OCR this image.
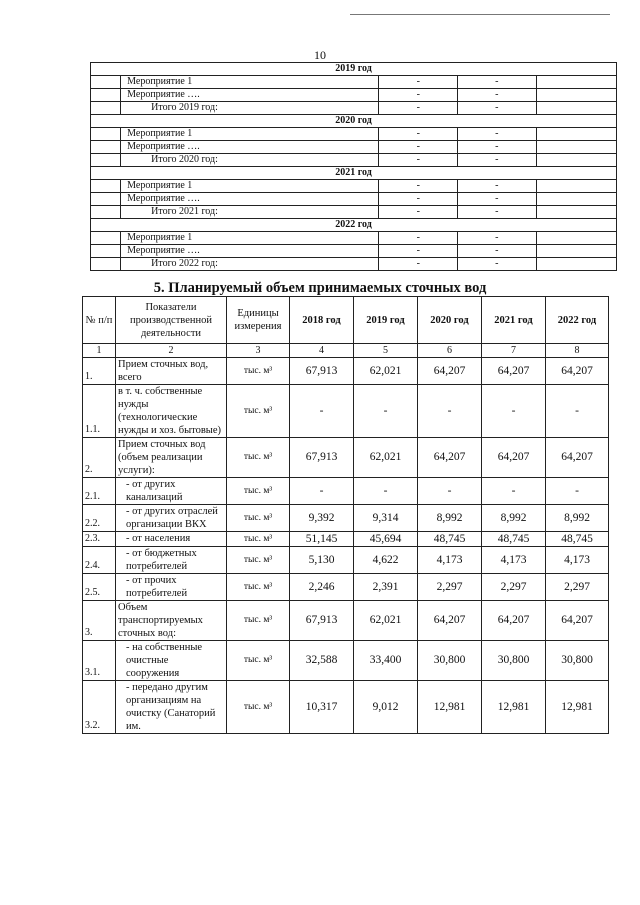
10
2019 год				
	Мероприятие 1	-	-	
	Мероприятие ….	-	-	
	Итого 2019 год:	-	-	
2020 год				
	Мероприятие 1	-	-	
	Мероприятие ….	-	-	
	Итого 2020 год:	-	-	
2021 год				
	Мероприятие 1	-	-	
	Мероприятие ….	-	-	
	Итого 2021 год:	-	-	
2022 год				
	Мероприятие 1	-	-	
	Мероприятие ….	-	-	
	Итого 2022 год:	-	-	
5. Планируемый объем принимаемых сточных вод
№ п/п	Показатели производственной деятельности	Единицы измерения	2018 год	2019 год	2020 год	2021 год	2022 год
1	2	3	4	5	6	7	8
1.	Прием сточных вод, всего	тыс. м³	67,913	62,021	64,207	64,207	64,207
1.1.	в т. ч. собственные нужды (технологические нужды и хоз. бытовые)	тыс. м³	-	-	-	-	-
2.	Прием сточных вод (объем реализации услуги):	тыс. м³	67,913	62,021	64,207	64,207	64,207
2.1.	- от других канализаций	тыс. м³	-	-	-	-	-
2.2.	- от других отраслей организации ВКХ	тыс. м³	9,392	9,314	8,992	8,992	8,992
2.3.	- от населения	тыс. м³	51,145	45,694	48,745	48,745	48,745
2.4.	- от бюджетных потребителей	тыс. м³	5,130	4,622	4,173	4,173	4,173
2.5.	- от прочих потребителей	тыс. м³	2,246	2,391	2,297	2,297	2,297
3.	Объем транспортируемых сточных вод:	тыс. м³	67,913	62,021	64,207	64,207	64,207
3.1.	- на собственные очистные сооружения	тыс. м³	32,588	33,400	30,800	30,800	30,800
3.2.	- передано другим организациям на очистку (Санаторий им.	тыс. м³	10,317	9,012	12,981	12,981	12,981
